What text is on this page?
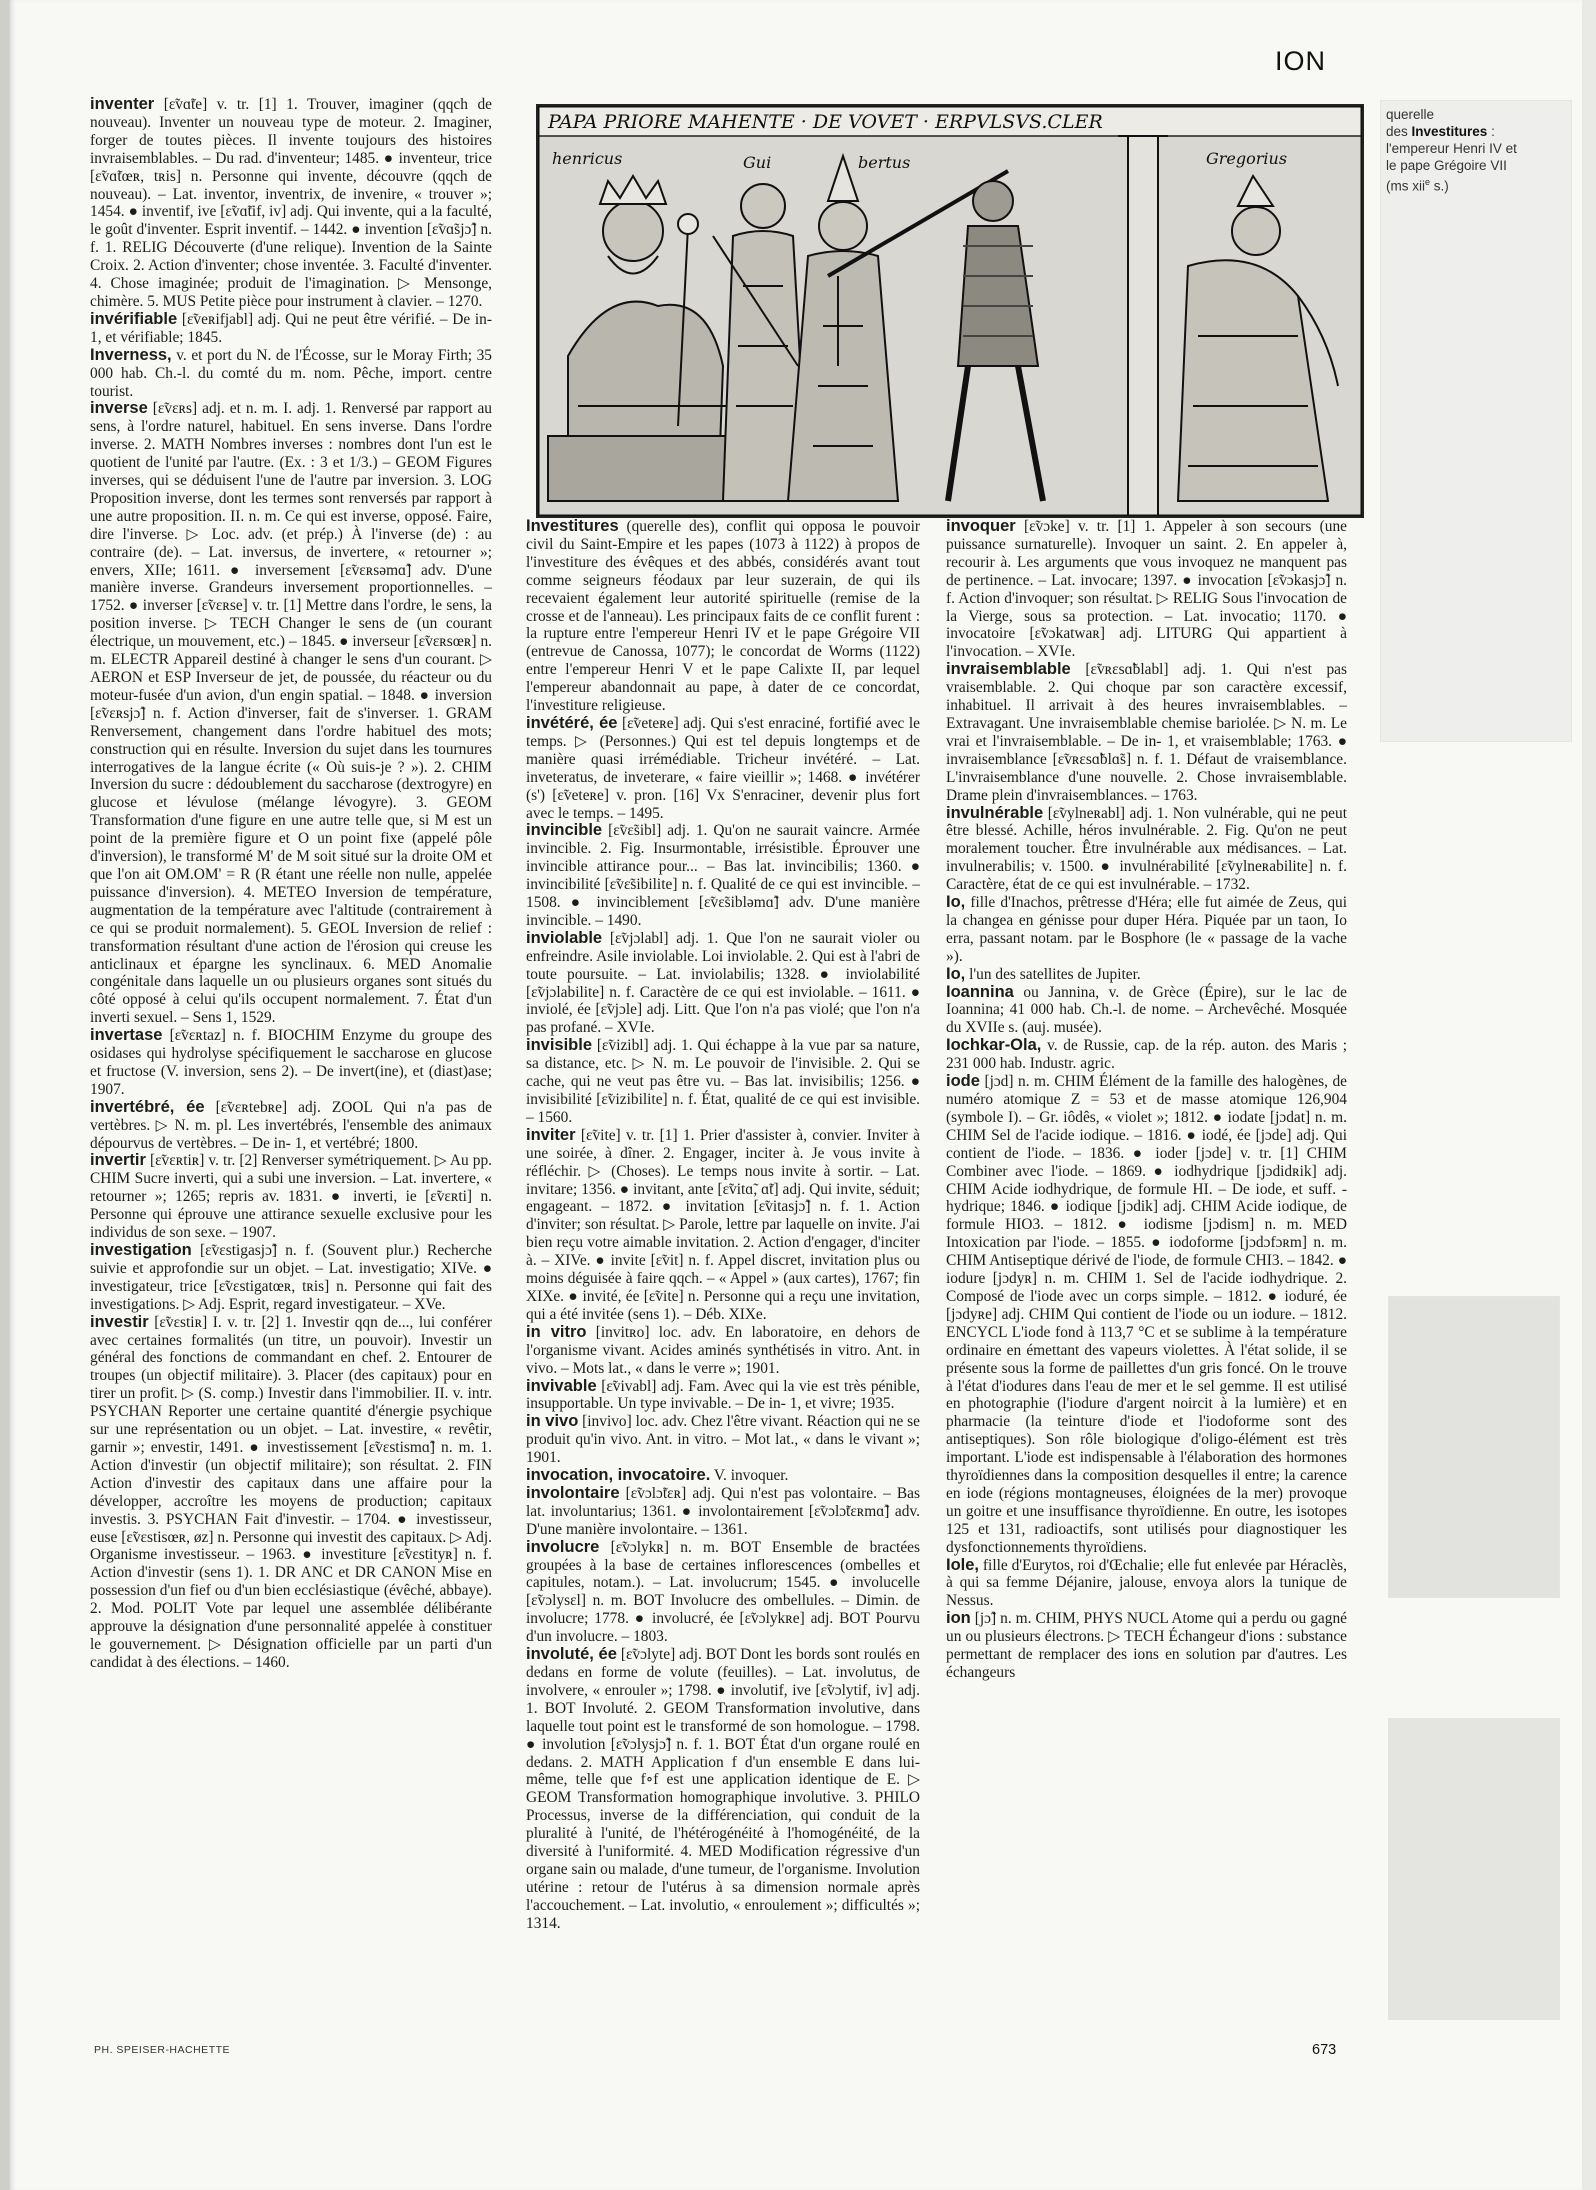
ION

inventer [ɛ̃vɑ̃te] v. tr. [1] 1. Trouver, imaginer (qqch de nouveau). Inventer un nouveau type de moteur. 2. Imaginer, forger de toutes pièces. Il invente toujours des histoires invraisemblables. – Du rad. d'inventeur; 1485. ● inventeur, trice [ɛ̃vɑ̃tœʀ, tʀis] n. Personne qui invente, découvre (qqch de nouveau). – Lat. inventor, inventrix, de invenire, « trouver »; 1454. ● inventif, ive [ɛ̃vɑ̃tif, iv] adj. Qui invente, qui a la faculté, le goût d'inventer. Esprit inventif. – 1442. ● invention [ɛ̃vɑ̃sjɔ̃] n. f. 1. RELIG Découverte (d'une relique). Invention de la Sainte Croix. 2. Action d'inventer; chose inventée. 3. Faculté d'inventer. 4. Chose imaginée; produit de l'imagination. ▷ Mensonge, chimère. 5. MUS Petite pièce pour instrument à clavier. – 1270.

invérifiable [ɛ̃veʀifjabl] adj. Qui ne peut être vérifié. – De in- 1, et vérifiable; 1845.

Inverness, v. et port du N. de l'Écosse, sur le Moray Firth; 35 000 hab. Ch.-l. du comté du m. nom. Pêche, import. centre tourist.

inverse [ɛ̃vɛʀs] adj. et n. m. I. adj. 1. Renversé par rapport au sens, à l'ordre naturel, habituel. En sens inverse. Dans l'ordre inverse. 2. MATH Nombres inverses : nombres dont l'un est le quotient de l'unité par l'autre. (Ex. : 3 et 1/3.) – GEOM Figures inverses, qui se déduisent l'une de l'autre par inversion. 3. LOG Proposition inverse, dont les termes sont renversés par rapport à une autre proposition. II. n. m. Ce qui est inverse, opposé. Faire, dire l'inverse. ▷ Loc. adv. (et prép.) À l'inverse (de) : au contraire (de). – Lat. inversus, de invertere, « retourner »; envers, XIIe; 1611. ● inversement [ɛ̃vɛʀsəmɑ̃] adv. D'une manière inverse. Grandeurs inversement proportionnelles. – 1752. ● inverser [ɛ̃vɛʀse] v. tr. [1] Mettre dans l'ordre, le sens, la position inverse. ▷ TECH Changer le sens de (un courant électrique, un mouvement, etc.) – 1845. ● inverseur [ɛ̃vɛʀsœʀ] n. m. ELECTR Appareil destiné à changer le sens d'un courant. ▷ AERON et ESP Inverseur de jet, de poussée, du réacteur ou du moteur-fusée d'un avion, d'un engin spatial. – 1848. ● inversion [ɛ̃vɛʀsjɔ̃] n. f. Action d'inverser, fait de s'inverser. 1. GRAM Renversement, changement dans l'ordre habituel des mots; construction qui en résulte. Inversion du sujet dans les tournures interrogatives de la langue écrite (« Où suis-je ? »). 2. CHIM Inversion du sucre : dédoublement du saccharose (dextrogyre) en glucose et lévulose (mélange lévogyre). 3. GEOM Transformation d'une figure en une autre telle que, si M est un point de la première figure et O un point fixe (appelé pôle d'inversion), le transformé M' de M soit situé sur la droite OM et que l'on ait OM.OM' = R (R étant une réelle non nulle, appelée puissance d'inversion). 4. METEO Inversion de température, augmentation de la température avec l'altitude (contrairement à ce qui se produit normalement). 5. GEOL Inversion de relief : transformation résultant d'une action de l'érosion qui creuse les anticlinaux et épargne les synclinaux. 6. MED Anomalie congénitale dans laquelle un ou plusieurs organes sont situés du côté opposé à celui qu'ils occupent normalement. 7. État d'un inverti sexuel. – Sens 1, 1529.

invertase [ɛ̃vɛʀtaz] n. f. BIOCHIM Enzyme du groupe des osidases qui hydrolyse spécifiquement le saccharose en glucose et fructose (V. inversion, sens 2). – De invert(ine), et (diast)ase; 1907.

invertébré, ée [ɛ̃vɛʀtebʀe] adj. ZOOL Qui n'a pas de vertèbres. ▷ N. m. pl. Les invertébrés, l'ensemble des animaux dépourvus de vertèbres. – De in- 1, et vertébré; 1800.

invertir [ɛ̃vɛʀtiʀ] v. tr. [2] Renverser symétriquement. ▷ Au pp. CHIM Sucre inverti, qui a subi une inversion. – Lat. invertere, « retourner »; 1265; repris av. 1831. ● inverti, ie [ɛ̃vɛʀti] n. Personne qui éprouve une attirance sexuelle exclusive pour les individus de son sexe. – 1907.

investigation [ɛ̃vɛstigasjɔ̃] n. f. (Souvent plur.) Recherche suivie et approfondie sur un objet. – Lat. investigatio; XIVe. ● investigateur, trice [ɛ̃vɛstigatœʀ, tʀis] n. Personne qui fait des investigations. ▷ Adj. Esprit, regard investigateur. – XVe.

investir [ɛ̃vɛstiʀ] I. v. tr. [2] 1. Investir qqn de..., lui conférer avec certaines formalités (un titre, un pouvoir). Investir un général des fonctions de commandant en chef. 2. Entourer de troupes (un objectif militaire). 3. Placer (des capitaux) pour en tirer un profit. ▷ (S. comp.) Investir dans l'immobilier. II. v. intr. PSYCHAN Reporter une certaine quantité d'énergie psychique sur une représentation ou un objet. – Lat. investire, « revêtir, garnir »; envestir, 1491. ● investissement [ɛ̃vɛstismɑ̃] n. m. 1. Action d'investir (un objectif militaire); son résultat. 2. FIN Action d'investir des capitaux dans une affaire pour la développer, accroître les moyens de production; capitaux investis. 3. PSYCHAN Fait d'investir. – 1704. ● investisseur, euse [ɛ̃vɛstisœʀ, øz] n. Personne qui investit des capitaux. ▷ Adj. Organisme investisseur. – 1963. ● investiture [ɛ̃vɛstityʀ] n. f. Action d'investir (sens 1). 1. DR ANC et DR CANON Mise en possession d'un fief ou d'un bien ecclésiastique (évêché, abbaye). 2. Mod. POLIT Vote par lequel une assemblée délibérante approuve la désignation d'une personnalité appelée à constituer le gouvernement. ▷ Désignation officielle par un parti d'un candidat à des élections. – 1460.

PAPA PRIORE MAHENTE · DE VOVET · ERPVLSVS.CLER
henricus	Gui	bertus	Gregorius
querelle
des Investitures :
l'empereur Henri IV et
le pape Grégoire VII
(ms xii$^e$ s.)

Investitures (querelle des), conflit qui opposa le pouvoir civil du Saint-Empire et les papes (1073 à 1122) à propos de l'investiture des évêques et des abbés, considérés avant tout comme seigneurs féodaux par leur suzerain, de qui ils recevaient également leur autorité spirituelle (remise de la crosse et de l'anneau). Les principaux faits de ce conflit furent : la rupture entre l'empereur Henri IV et le pape Grégoire VII (entrevue de Canossa, 1077); le concordat de Worms (1122) entre l'empereur Henri V et le pape Calixte II, par lequel l'empereur abandonnait au pape, à dater de ce concordat, l'investiture religieuse.

invétéré, ée [ɛ̃veteʀe] adj. Qui s'est enraciné, fortifié avec le temps. ▷ (Personnes.) Qui est tel depuis longtemps et de manière quasi irrémédiable. Tricheur invétéré. – Lat. inveteratus, de inveterare, « faire vieillir »; 1468. ● invétérer (s') [ɛ̃veteʀe] v. pron. [16] Vx S'enraciner, devenir plus fort avec le temps. – 1495.

invincible [ɛ̃vɛ̃sibl] adj. 1. Qu'on ne saurait vaincre. Armée invincible. 2. Fig. Insurmontable, irrésistible. Éprouver une invincible attirance pour... – Bas lat. invincibilis; 1360. ● invincibilité [ɛ̃vɛ̃sibilite] n. f. Qualité de ce qui est invincible. – 1508. ● invinciblement [ɛ̃vɛ̃sibləmɑ̃] adv. D'une manière invincible. – 1490.

inviolable [ɛ̃vjɔlabl] adj. 1. Que l'on ne saurait violer ou enfreindre. Asile inviolable. Loi inviolable. 2. Qui est à l'abri de toute poursuite. – Lat. inviolabilis; 1328. ● inviolabilité [ɛ̃vjɔlabilite] n. f. Caractère de ce qui est inviolable. – 1611. ● inviolé, ée [ɛ̃vjɔle] adj. Litt. Que l'on n'a pas violé; que l'on n'a pas profané. – XVIe.

invisible [ɛ̃vizibl] adj. 1. Qui échappe à la vue par sa nature, sa distance, etc. ▷ N. m. Le pouvoir de l'invisible. 2. Qui se cache, qui ne veut pas être vu. – Bas lat. invisibilis; 1256. ● invisibilité [ɛ̃vizibilite] n. f. État, qualité de ce qui est invisible. – 1560.

inviter [ɛ̃vite] v. tr. [1] 1. Prier d'assister à, convier. Inviter à une soirée, à dîner. 2. Engager, inciter à. Je vous invite à réfléchir. ▷ (Choses). Le temps nous invite à sortir. – Lat. invitare; 1356. ● invitant, ante [ɛ̃vitɑ̃, ɑ̃t] adj. Qui invite, séduit; engageant. – 1872. ● invitation [ɛ̃vitasjɔ̃] n. f. 1. Action d'inviter; son résultat. ▷ Parole, lettre par laquelle on invite. J'ai bien reçu votre aimable invitation. 2. Action d'engager, d'inciter à. – XIVe. ● invite [ɛ̃vit] n. f. Appel discret, invitation plus ou moins déguisée à faire qqch. – « Appel » (aux cartes), 1767; fin XIXe. ● invité, ée [ɛ̃vite] n. Personne qui a reçu une invitation, qui a été invitée (sens 1). – Déb. XIXe.

in vitro [invitʀo] loc. adv. En laboratoire, en dehors de l'organisme vivant. Acides aminés synthétisés in vitro. Ant. in vivo. – Mots lat., « dans le verre »; 1901.

invivable [ɛ̃vivabl] adj. Fam. Avec qui la vie est très pénible, insupportable. Un type invivable. – De in- 1, et vivre; 1935.

in vivo [invivo] loc. adv. Chez l'être vivant. Réaction qui ne se produit qu'in vivo. Ant. in vitro. – Mot lat., « dans le vivant »; 1901.

invocation, invocatoire. V. invoquer.

involontaire [ɛ̃vɔlɔ̃tɛʀ] adj. Qui n'est pas volontaire. – Bas lat. involuntarius; 1361. ● involontairement [ɛ̃vɔlɔ̃tɛʀmɑ̃] adv. D'une manière involontaire. – 1361.

involucre [ɛ̃vɔlykʀ] n. m. BOT Ensemble de bractées groupées à la base de certaines inflorescences (ombelles et capitules, notam.). – Lat. involucrum; 1545. ● involucelle [ɛ̃vɔlysɛl] n. m. BOT Involucre des ombellules. – Dimin. de involucre; 1778. ● involucré, ée [ɛ̃vɔlykʀe] adj. BOT Pourvu d'un involucre. – 1803.

involuté, ée [ɛ̃vɔlyte] adj. BOT Dont les bords sont roulés en dedans en forme de volute (feuilles). – Lat. involutus, de involvere, « enrouler »; 1798. ● involutif, ive [ɛ̃vɔlytif, iv] adj. 1. BOT Involuté. 2. GEOM Transformation involutive, dans laquelle tout point est le transformé de son homologue. – 1798. ● involution [ɛ̃vɔlysjɔ̃] n. f. 1. BOT État d'un organe roulé en dedans. 2. MATH Application f d'un ensemble E dans lui-même, telle que f∘f est une application identique de E. ▷ GEOM Transformation homographique involutive. 3. PHILO Processus, inverse de la différenciation, qui conduit de la pluralité à l'unité, de l'hétérogénéité à l'homogénéité, de la diversité à l'uniformité. 4. MED Modification régressive d'un organe sain ou malade, d'une tumeur, de l'organisme. Involution utérine : retour de l'utérus à sa dimension normale après l'accouchement. – Lat. involutio, « enroulement »; difficultés »; 1314.

invoquer [ɛ̃vɔke] v. tr. [1] 1. Appeler à son secours (une puissance surnaturelle). Invoquer un saint. 2. En appeler à, recourir à. Les arguments que vous invoquez ne manquent pas de pertinence. – Lat. invocare; 1397. ● invocation [ɛ̃vɔkasjɔ̃] n. f. Action d'invoquer; son résultat. ▷ RELIG Sous l'invocation de la Vierge, sous sa protection. – Lat. invocatio; 1170. ● invocatoire [ɛ̃vɔkatwaʀ] adj. LITURG Qui appartient à l'invocation. – XVIe.

invraisemblable [ɛ̃vʀɛsɑ̃blabl] adj. 1. Qui n'est pas vraisemblable. 2. Qui choque par son caractère excessif, inhabituel. Il arrivait à des heures invraisemblables. – Extravagant. Une invraisemblable chemise bariolée. ▷ N. m. Le vrai et l'invraisemblable. – De in- 1, et vraisemblable; 1763. ● invraisemblance [ɛ̃vʀɛsɑ̃blɑ̃s] n. f. 1. Défaut de vraisemblance. L'invraisemblance d'une nouvelle. 2. Chose invraisemblable. Drame plein d'invraisemblances. – 1763.

invulnérable [ɛ̃vylneʀabl] adj. 1. Non vulnérable, qui ne peut être blessé. Achille, héros invulnérable. 2. Fig. Qu'on ne peut moralement toucher. Être invulnérable aux médisances. – Lat. invulnerabilis; v. 1500. ● invulnérabilité [ɛ̃vylneʀabilite] n. f. Caractère, état de ce qui est invulnérable. – 1732.

Io, fille d'Inachos, prêtresse d'Héra; elle fut aimée de Zeus, qui la changea en génisse pour duper Héra. Piquée par un taon, Io erra, passant notam. par le Bosphore (le « passage de la vache »).

Io, l'un des satellites de Jupiter.

Ioannina ou Jannina, v. de Grèce (Épire), sur le lac de Ioannina; 41 000 hab. Ch.-l. de nome. – Archevêché. Mosquée du XVIIe s. (auj. musée).

Iochkar-Ola, v. de Russie, cap. de la rép. auton. des Maris ; 231 000 hab. Industr. agric.

iode [jɔd] n. m. CHIM Élément de la famille des halogènes, de numéro atomique Z = 53 et de masse atomique 126,904 (symbole I). – Gr. iôdês, « violet »; 1812. ● iodate [jɔdat] n. m. CHIM Sel de l'acide iodique. – 1816. ● iodé, ée [jɔde] adj. Qui contient de l'iode. – 1836. ● ioder [jɔde] v. tr. [1] CHIM Combiner avec l'iode. – 1869. ● iodhydrique [jɔdidʀik] adj. CHIM Acide iodhydrique, de formule HI. – De iode, et suff. -hydrique; 1846. ● iodique [jɔdik] adj. CHIM Acide iodique, de formule HIO3. – 1812. ● iodisme [jɔdism] n. m. MED Intoxication par l'iode. – 1855. ● iodoforme [jɔdɔfɔʀm] n. m. CHIM Antiseptique dérivé de l'iode, de formule CHI3. – 1842. ● iodure [jɔdyʀ] n. m. CHIM 1. Sel de l'acide iodhydrique. 2. Composé de l'iode avec un corps simple. – 1812. ● ioduré, ée [jɔdyʀe] adj. CHIM Qui contient de l'iode ou un iodure. – 1812. ENCYCL L'iode fond à 113,7 °C et se sublime à la température ordinaire en émettant des vapeurs violettes. À l'état solide, il se présente sous la forme de paillettes d'un gris foncé. On le trouve à l'état d'iodures dans l'eau de mer et le sel gemme. Il est utilisé en photographie (l'iodure d'argent noircit à la lumière) et en pharmacie (la teinture d'iode et l'iodoforme sont des antiseptiques). Son rôle biologique d'oligo-élément est très important. L'iode est indispensable à l'élaboration des hormones thyroïdiennes dans la composition desquelles il entre; la carence en iode (régions montagneuses, éloignées de la mer) provoque un goitre et une insuffisance thyroïdienne. En outre, les isotopes 125 et 131, radioactifs, sont utilisés pour diagnostiquer les dysfonctionnements thyroïdiens.

Iole, fille d'Eurytos, roi d'Œchalie; elle fut enlevée par Héraclès, à qui sa femme Déjanire, jalouse, envoya alors la tunique de Nessus.

ion [jɔ̃] n. m. CHIM, PHYS NUCL Atome qui a perdu ou gagné un ou plusieurs électrons. ▷ TECH Échangeur d'ions : substance permettant de remplacer des ions en solution par d'autres. Les échangeurs

PH. SPEISER-HACHETTE	673
